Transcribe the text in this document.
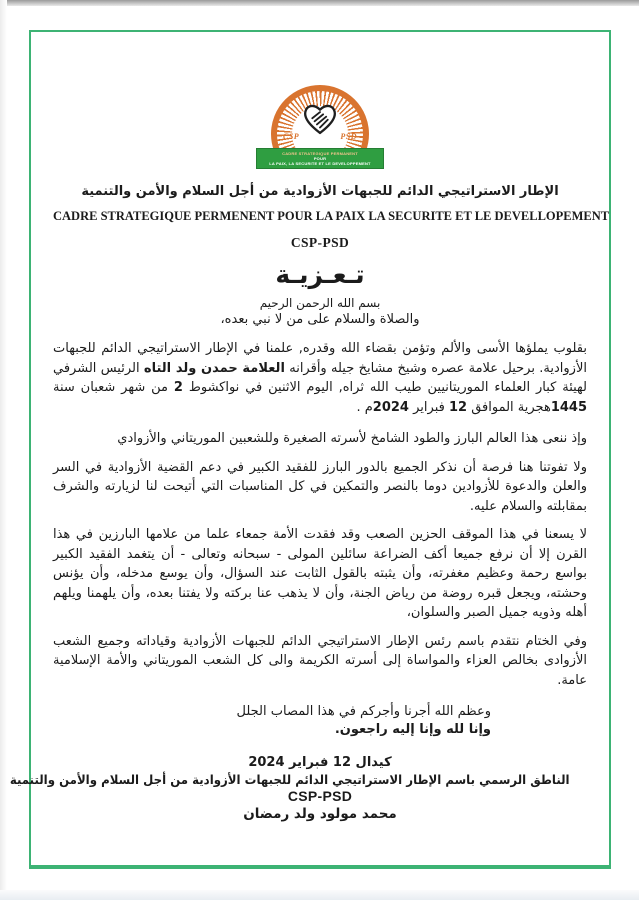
CSP	PSD
CADRE STRATEGIQUE PERMANENT
POUR
LA PAIX, LA SECURITE ET LE DEVELOPPEMENT
الإطار الاستراتيجي الدائم للجبهات الأزوادية من أجل السلام والأمن والتنمية
CADRE STRATEGIQUE PERMENENT POUR LA PAIX LA SECURITE ET LE DEVELLOPEMENT
CSP-PSD
تـعـزيـة
بسم الله الرحمن الرحيم
والصلاة والسلام على من لا نبي بعده،

بقلوب يملؤها الأسى والألم وتؤمن بقضاء الله وقدره, علمنا في الإطار الاستراتيجي الدائم للجبهات الأزوادية. برحيل علامة عصره وشيخ مشايخ جيله وأقرانه العلامة حمدن ولد التاه الرئيس الشرفي لهيئة كبار العلماء الموريتانيين طيب الله ثراه, اليوم الاثنين في نواكشوط 2 من شهر شعبان سنة 1445هجرية الموافق 12 فبراير 2024م .

وإذ ننعى هذا العالم البارز والطود الشامخ لأسرته الصغيرة وللشعبين الموريتاني والأزوادي

ولا تفوتنا هنا فرصة أن نذكر الجميع بالدور البارز للفقيد الكبير في دعم القضية الأزوادية في السر والعلن والدعوة للأزوادين دوما بالنصر والتمكين في كل المناسبات التي أتيحت لنا لزيارته والشرف بمقابلته والسلام عليه.

لا يسعنا في هذا الموقف الحزين الصعب وقد فقدت الأمة جمعاء علما من علامها البارزين في هذا القرن إلا أن نرفع جميعا أكف الضراعة سائلين المولى - سبحانه وتعالى - أن يتغمد الفقيد الكبير بواسع رحمة وعظيم مغفرته، وأن يثبته بالقول الثابت عند السؤال، وأن يوسع مدخله، وأن يؤنس وحشته، ويجعل قبره روضة من رياض الجنة، وأن لا يذهب عنا بركته ولا يفتنا بعده، وأن يلهمنا ويلهم أهله وذويه جميل الصبر والسلوان،

وفي الختام نتقدم باسم رئس الإطار الاستراتيجي الدائم للجبهات الأزوادية وقياداته وجميع الشعب الأزوادى بخالص العزاء والمواساة إلى أسرته الكريمة والى كل الشعب الموريتاني والأمة الإسلامية عامة.

وعظم الله أجرنا وأجركم في هذا المصاب الجلل
وإنا لله وإنا إليه راجعون.
كيدال 12 فبراير 2024
الناطق الرسمي باسم الإطار الاستراتيجي الدائم للجبهات الأزوادية من أجل السلام والأمن والتنمية
CSP-PSD
محمد مولود ولد رمضان
